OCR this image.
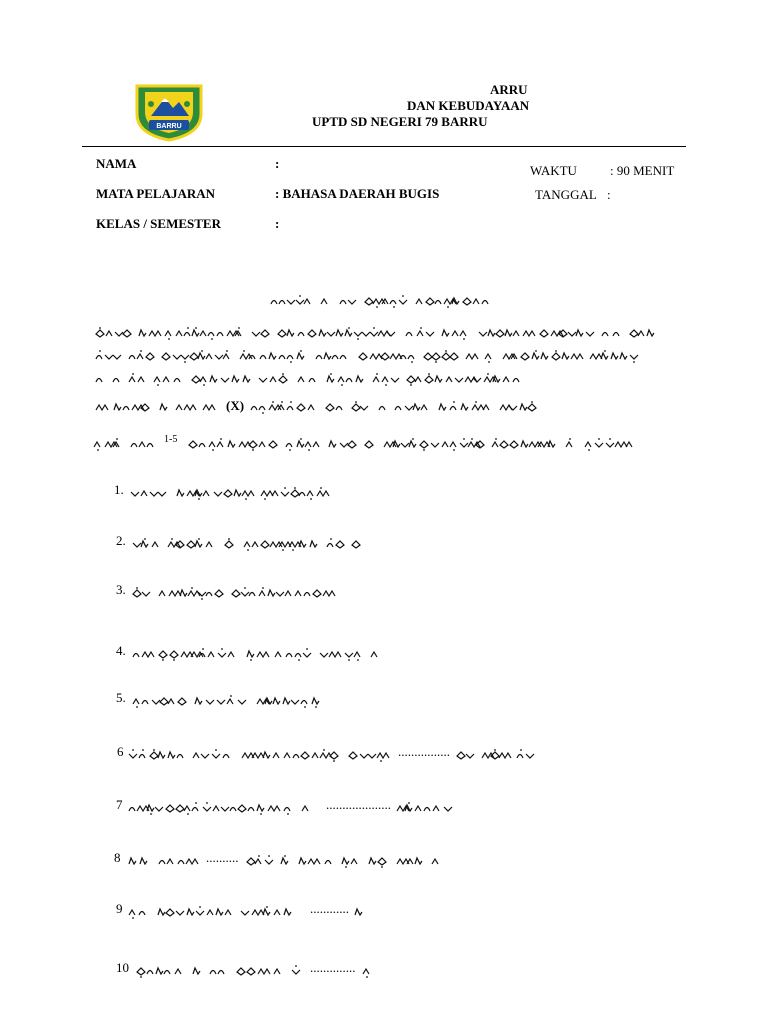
BARRU
ARRU
DAN KEBUDAYAAN
UPTD SD NEGERI 79 BARRU
NAMA	:
MATA PELAJARAN	: BAHASA DAERAH BUGIS
KELAS / SEMESTER	:
WAKTU	: 90 MENIT
TANGGAL :
(X)
1-5
1.
2.
3.
4.
5.
6	................
7	....................
8	..........
9	............
10	..............
